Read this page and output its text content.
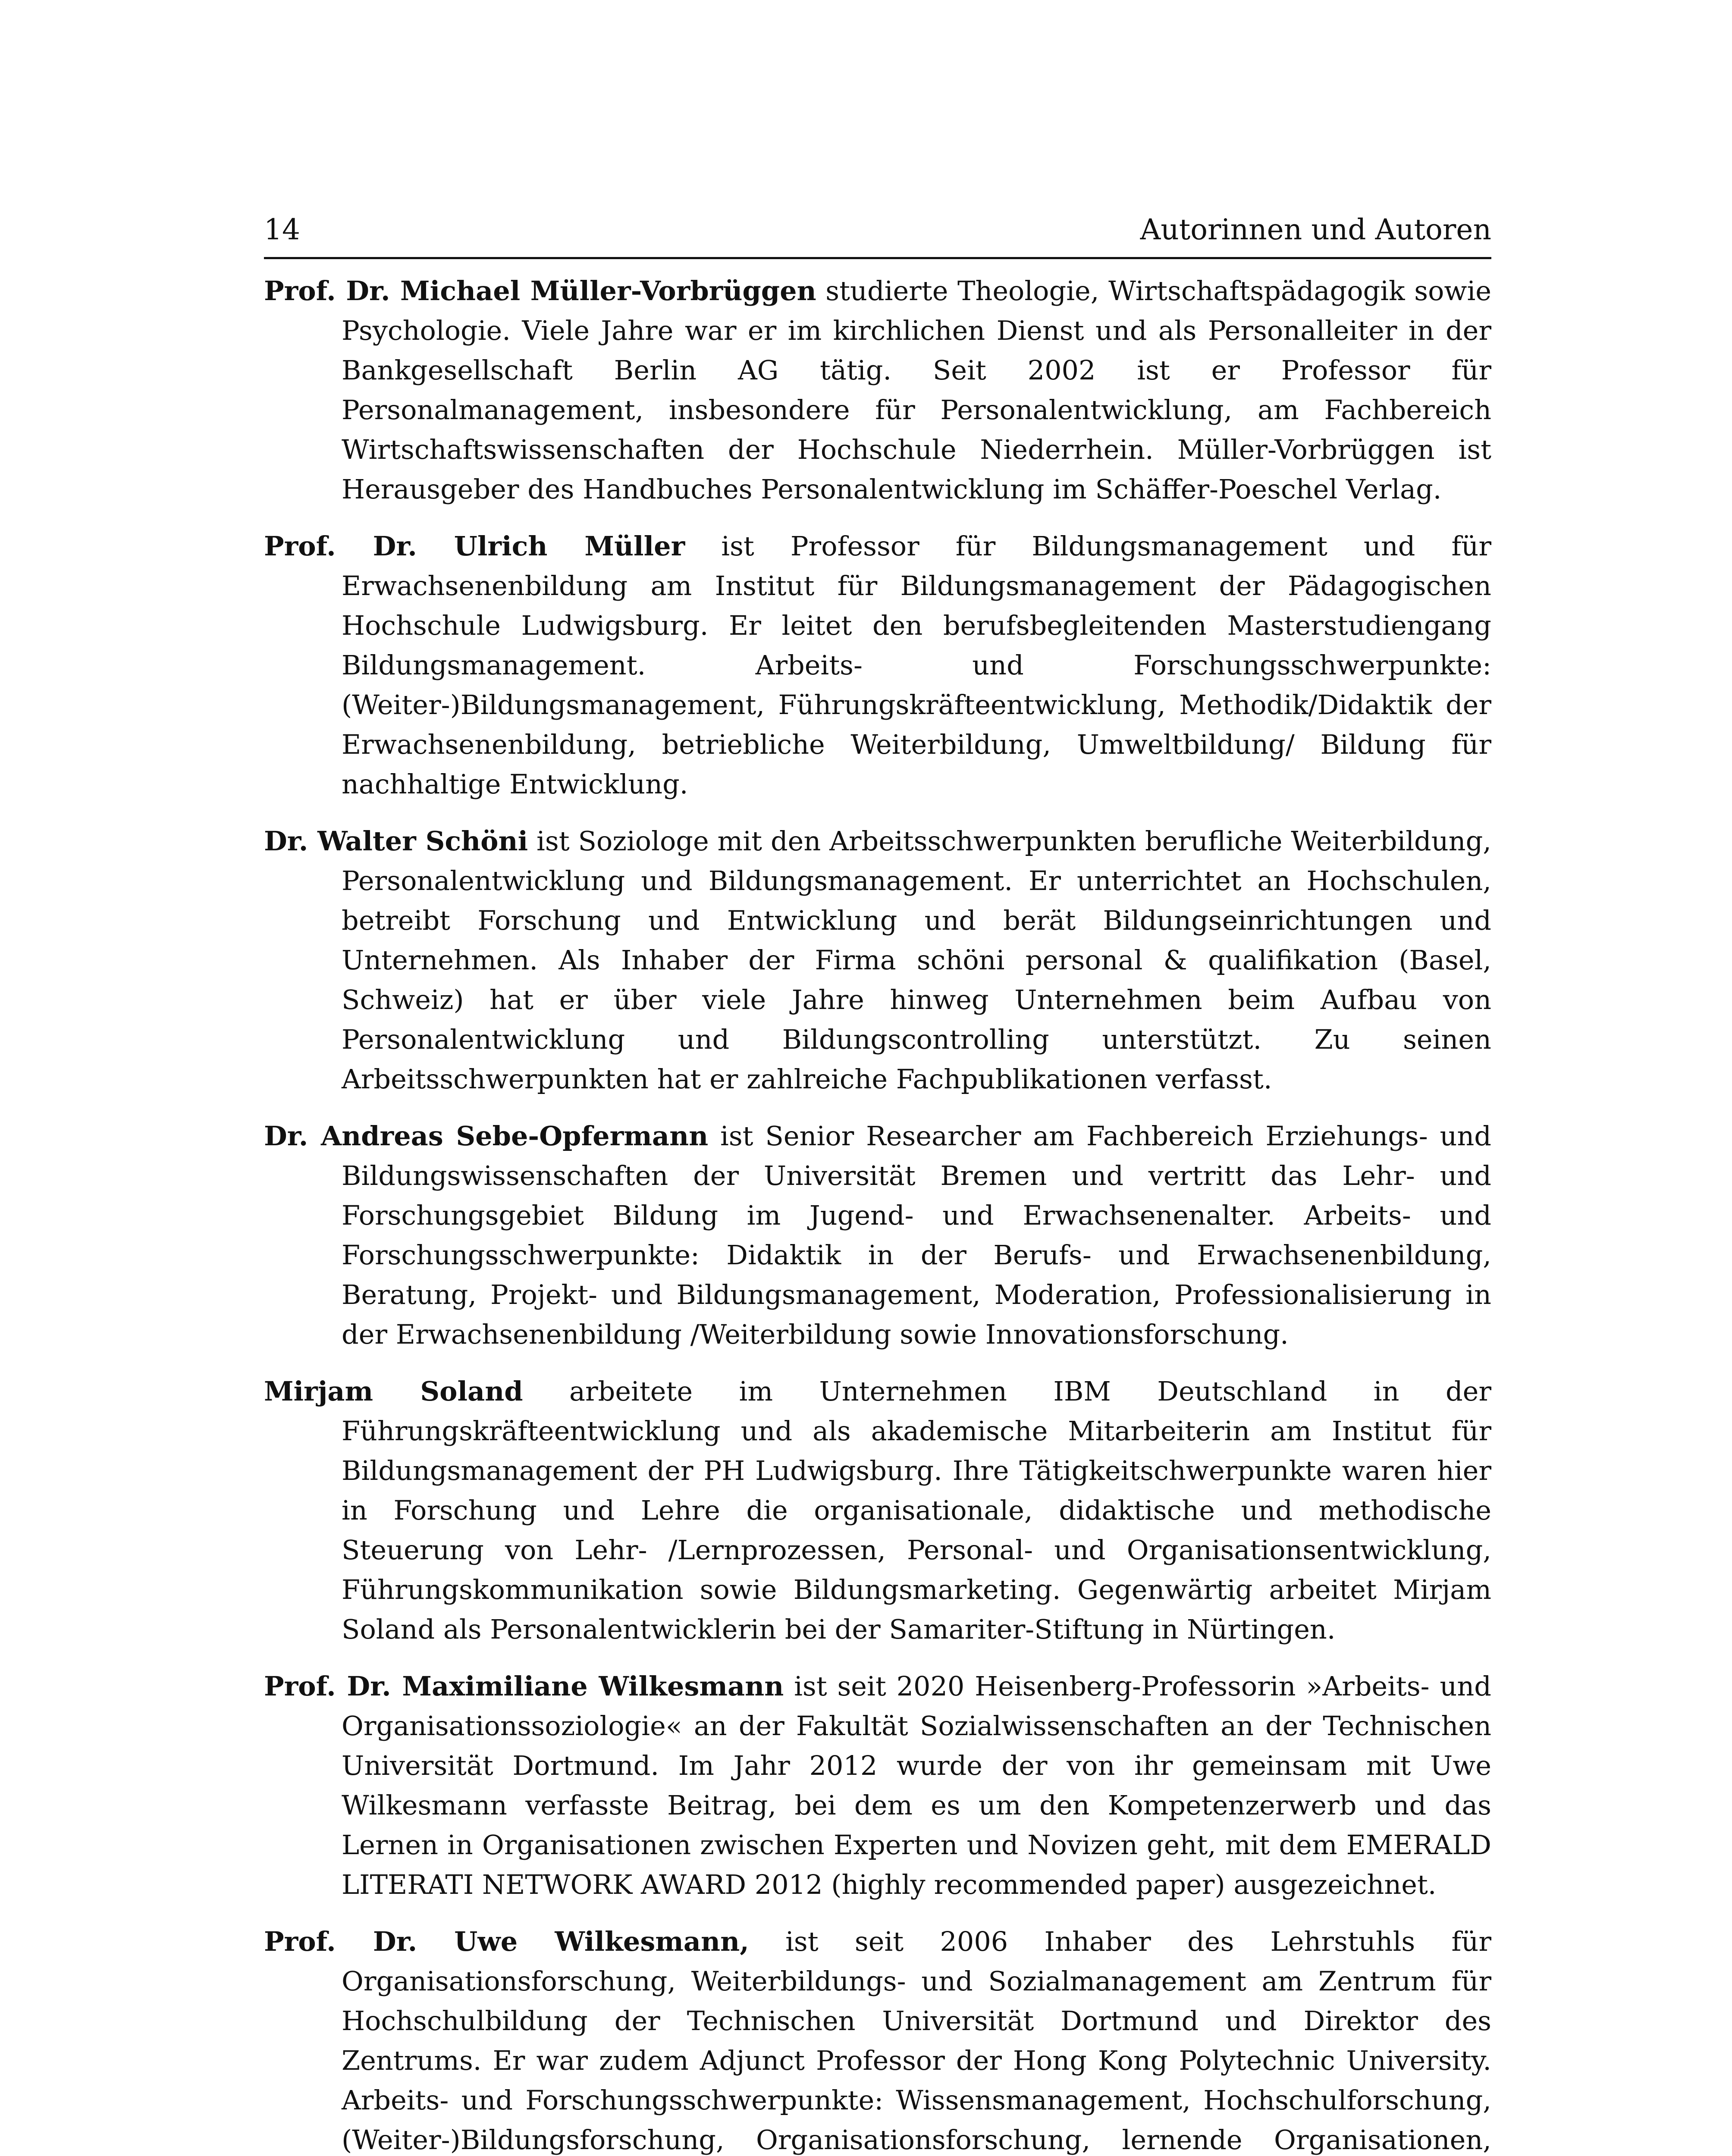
14	Autorinnen und Autoren

Prof. Dr. Michael Müller-Vorbrüggen studierte Theologie, Wirtschaftspädagogik sowie Psychologie. Viele Jahre war er im kirchlichen Dienst und als Personalleiter in der Bankgesellschaft Berlin AG tätig. Seit 2002 ist er Professor für Personalmanagement, insbesondere für Personalentwicklung, am Fachbereich Wirtschaftswissenschaften der Hochschule Niederrhein. Müller-Vorbrüggen ist Herausgeber des Handbuches Personalentwicklung im Schäffer-Poeschel Verlag.

Prof. Dr. Ulrich Müller ist Professor für Bildungsmanagement und für Erwachsenenbildung am Institut für Bildungsmanagement der Pädagogischen Hochschule Ludwigsburg. Er leitet den berufsbegleitenden Masterstudiengang Bildungsmanagement. Arbeits- und Forschungsschwerpunkte: (Weiter-)Bildungsmanagement, Führungskräfteentwicklung, Methodik/Didaktik der Erwachsenenbildung, betriebliche Weiterbildung, Umweltbildung/ Bildung für nachhaltige Entwicklung.

Dr. Walter Schöni ist Soziologe mit den Arbeitsschwerpunkten berufliche Weiterbildung, Personalentwicklung und Bildungsmanagement. Er unterrichtet an Hochschulen, betreibt Forschung und Entwicklung und berät Bildungseinrichtungen und Unternehmen. Als Inhaber der Firma schöni personal & qualifikation (Basel, Schweiz) hat er über viele Jahre hinweg Unternehmen beim Aufbau von Personalentwicklung und Bildungscontrolling unterstützt. Zu seinen Arbeitsschwerpunkten hat er zahlreiche Fachpublikationen verfasst.

Dr. Andreas Sebe-Opfermann ist Senior Researcher am Fachbereich Erziehungs- und Bildungswissenschaften der Universität Bremen und vertritt das Lehr- und Forschungsgebiet Bildung im Jugend- und Erwachsenenalter. Arbeits- und Forschungsschwerpunkte: Didaktik in der Berufs- und Erwachsenenbildung, Beratung, Projekt- und Bildungsmanagement, Moderation, Professionalisierung in der Erwachsenenbildung /Weiterbildung sowie Innovationsforschung.

Mirjam Soland arbeitete im Unternehmen IBM Deutschland in der Führungskräfteentwicklung und als akademische Mitarbeiterin am Institut für Bildungsmanagement der PH Ludwigsburg. Ihre Tätigkeitschwerpunkte waren hier in Forschung und Lehre die organisationale, didaktische und methodische Steuerung von Lehr- /Lernprozessen, Personal- und Organisationsentwicklung, Führungskommunikation sowie Bildungsmarketing. Gegenwärtig arbeitet Mirjam Soland als Personalentwicklerin bei der Samariter-Stiftung in Nürtingen.

Prof. Dr. Maximiliane Wilkesmann ist seit 2020 Heisenberg-Professorin »Arbeits- und Organisationssoziologie« an der Fakultät Sozialwissenschaften an der Technischen Universität Dortmund. Im Jahr 2012 wurde der von ihr gemeinsam mit Uwe Wilkesmann verfasste Beitrag, bei dem es um den Kompetenzerwerb und das Lernen in Organisationen zwischen Experten und Novizen geht, mit dem EMERALD LITERATI NETWORK AWARD 2012 (highly recommended paper) ausgezeichnet.

Prof. Dr. Uwe Wilkesmann, ist seit 2006 Inhaber des Lehrstuhls für Organisationsforschung, Weiterbildungs- und Sozialmanagement am Zentrum für Hochschulbildung der Technischen Universität Dortmund und Direktor des Zentrums. Er war zudem Adjunct Professor der Hong Kong Polytechnic University. Arbeits- und Forschungsschwerpunkte: Wissensmanagement, Hochschulforschung, (Weiter-)Bildungsforschung, Organisationsforschung, lernende Organisationen,
